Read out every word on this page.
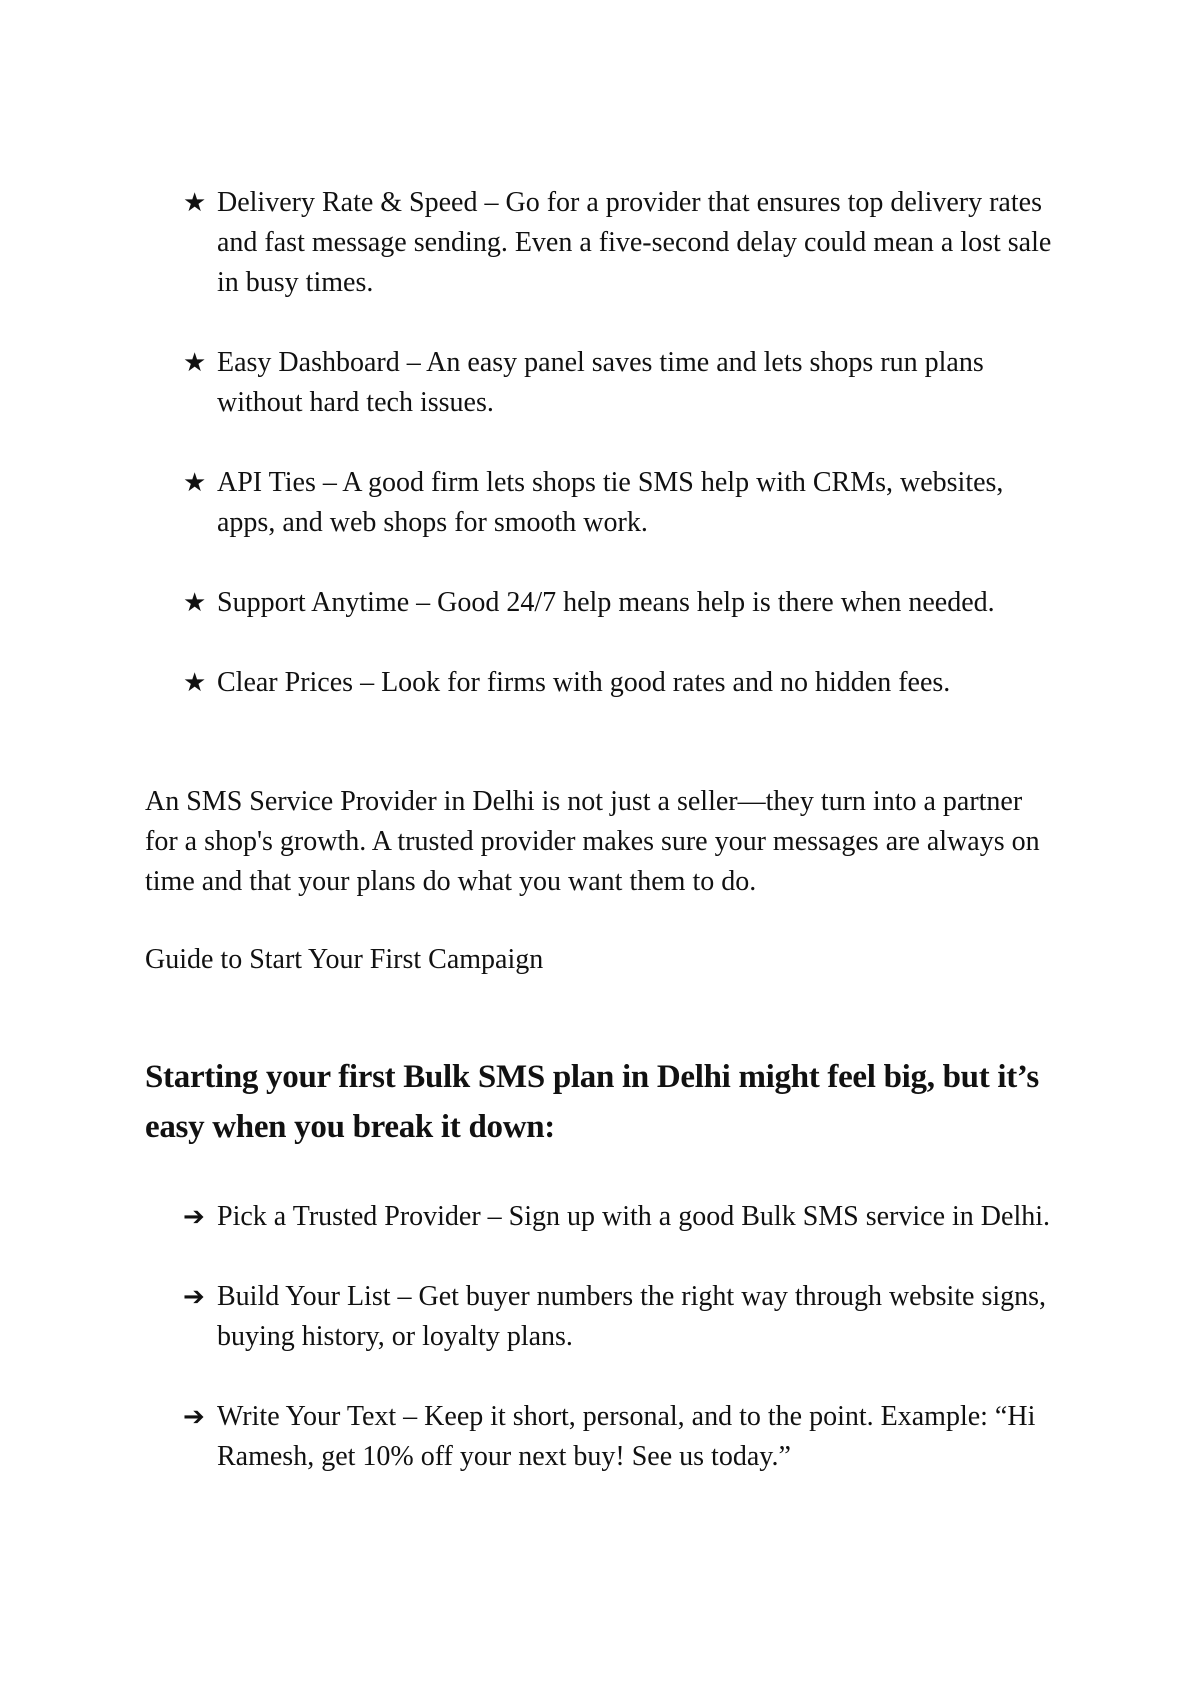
★ Delivery Rate & Speed – Go for a provider that ensures top delivery rates and fast message sending. Even a five-second delay could mean a lost sale in busy times.
★ Easy Dashboard – An easy panel saves time and lets shops run plans without hard tech issues.
★ API Ties – A good firm lets shops tie SMS help with CRMs, websites, apps, and web shops for smooth work.
★ Support Anytime – Good 24/7 help means help is there when needed.
★ Clear Prices – Look for firms with good rates and no hidden fees.

An SMS Service Provider in Delhi is not just a seller—they turn into a partner for a shop's growth. A trusted provider makes sure your messages are always on time and that your plans do what you want them to do.

Guide to Start Your First Campaign

Starting your first Bulk SMS plan in Delhi might feel big, but it’s easy when you break it down:
➔ Pick a Trusted Provider – Sign up with a good Bulk SMS service in Delhi.
➔ Build Your List – Get buyer numbers the right way through website signs, buying history, or loyalty plans.
➔ Write Your Text – Keep it short, personal, and to the point. Example: “Hi Ramesh, get 10% off your next buy! See us today.”
